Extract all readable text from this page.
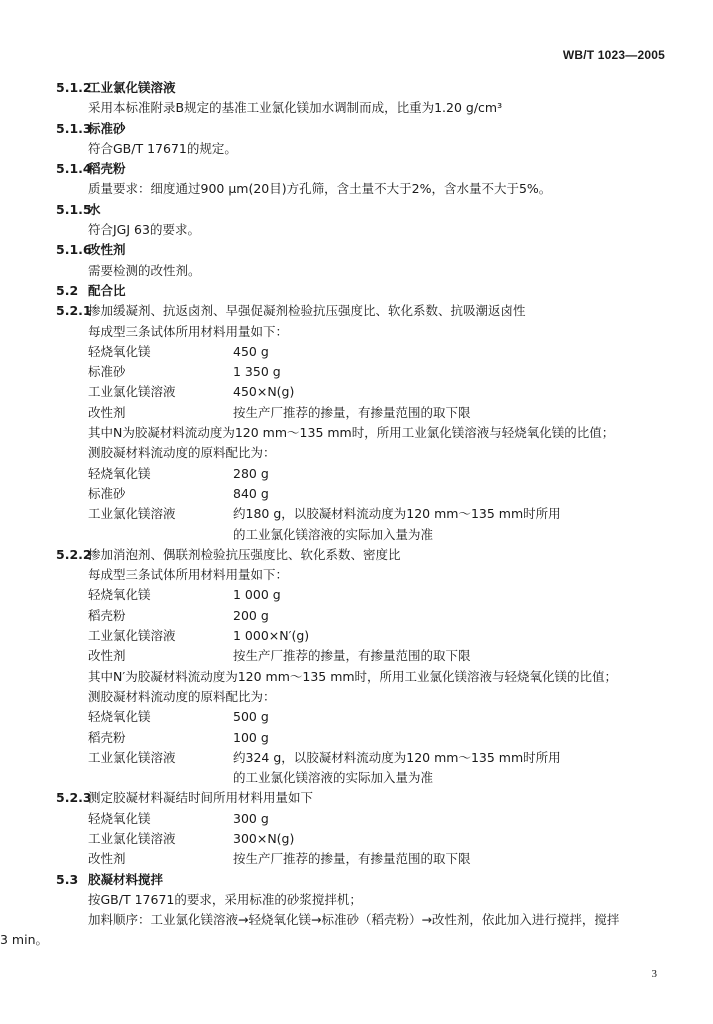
WB/T 1023—2005
5.1.2工业氯化镁溶液
采用本标准附录B规定的基准工业氯化镁加水调制而成，比重为1.20 g/cm³
5.1.3标准砂
符合GB/T 17671的规定。
5.1.4稻壳粉
质量要求：细度通过900 μm(20目)方孔筛，含土量不大于2%，含水量不大于5%。
5.1.5水
符合JGJ 63的要求。
5.1.6改性剂
需要检测的改性剂。
5.2 配合比
5.2.1掺加缓凝剂、抗返卤剂、早强促凝剂检验抗压强度比、软化系数、抗吸潮返卤性
每成型三条试体所用材料用量如下：
轻烧氧化镁	450 g
标准砂	1 350 g
工业氯化镁溶液	450×N(g)
改性剂	按生产厂推荐的掺量，有掺量范围的取下限
其中N为胶凝材料流动度为120 mm～135 mm时，所用工业氯化镁溶液与轻烧氧化镁的比值；
测胶凝材料流动度的原料配比为：
轻烧氧化镁	280 g
标准砂	840 g
工业氯化镁溶液	约180 g，以胶凝材料流动度为120 mm～135 mm时所用
的工业氯化镁溶液的实际加入量为准
5.2.2掺加消泡剂、偶联剂检验抗压强度比、软化系数、密度比
每成型三条试体所用材料用量如下：
轻烧氧化镁	1 000 g
稻壳粉	200 g
工业氯化镁溶液	1 000×N′(g)
改性剂	按生产厂推荐的掺量，有掺量范围的取下限
其中N′为胶凝材料流动度为120 mm～135 mm时，所用工业氯化镁溶液与轻烧氧化镁的比值；
测胶凝材料流动度的原料配比为：
轻烧氧化镁	500 g
稻壳粉	100 g
工业氯化镁溶液	约324 g，以胶凝材料流动度为120 mm～135 mm时所用
的工业氯化镁溶液的实际加入量为准
5.2.3测定胶凝材料凝结时间所用材料用量如下
轻烧氧化镁	300 g
工业氯化镁溶液	300×N(g)
改性剂	按生产厂推荐的掺量，有掺量范围的取下限
5.3 胶凝材料搅拌
按GB/T 17671的要求，采用标准的砂浆搅拌机；
加料顺序：工业氯化镁溶液→轻烧氧化镁→标准砂（稻壳粉）→改性剂，依此加入进行搅拌，搅拌
3 min。
3
